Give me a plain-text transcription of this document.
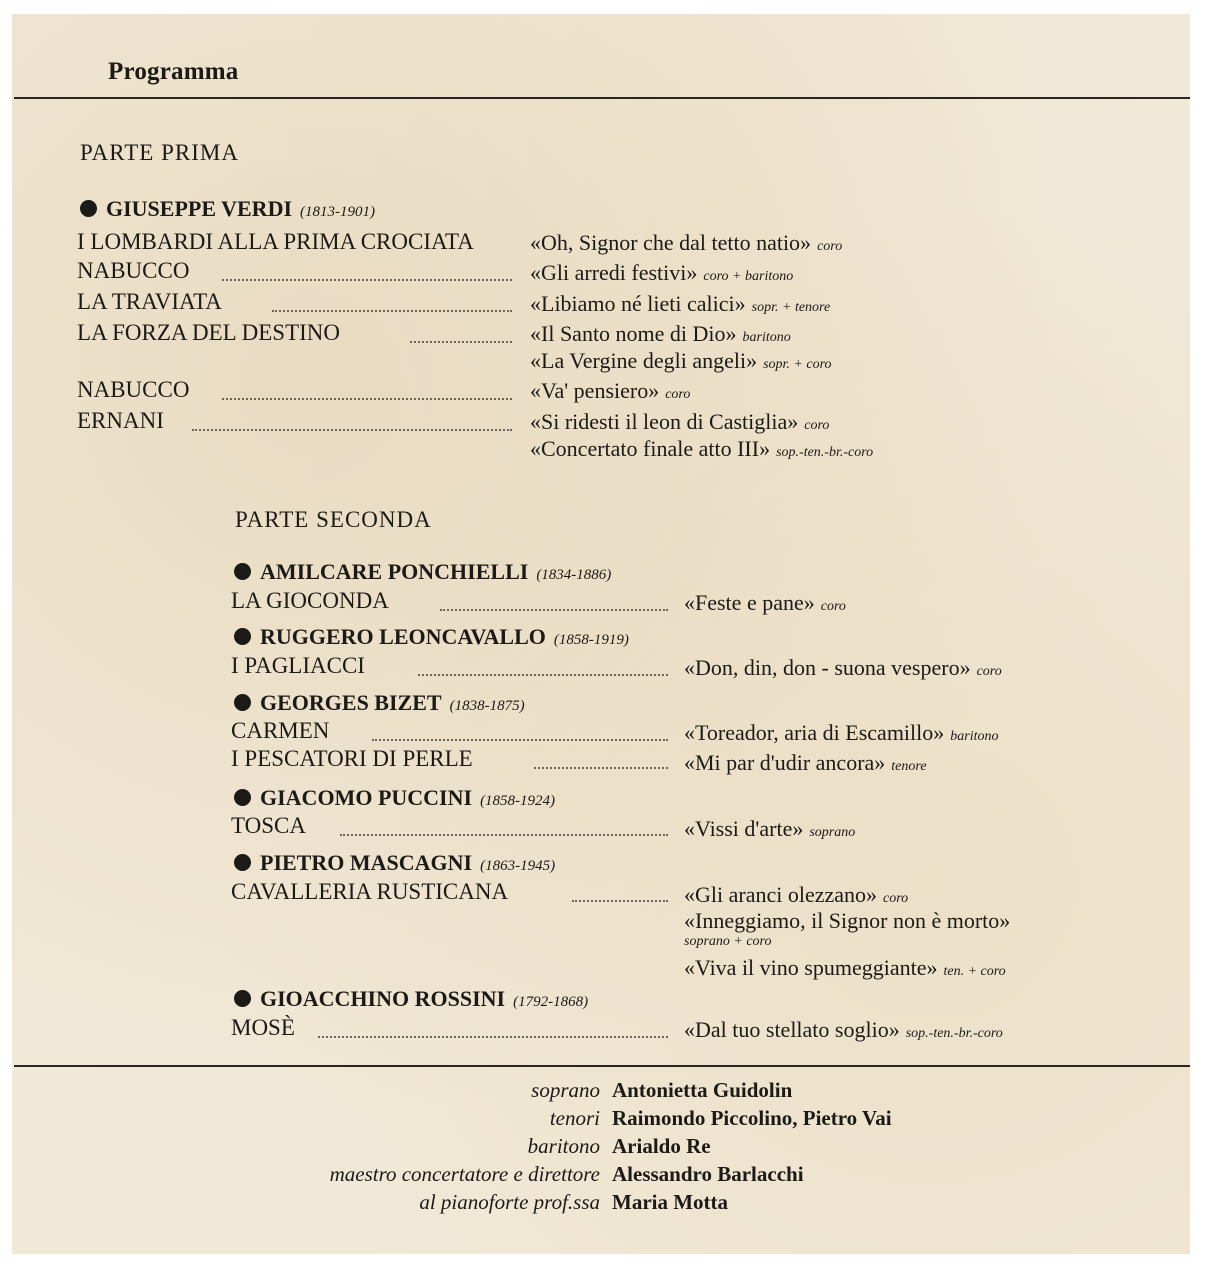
Programma
PARTE PRIMA
GIUSEPPE VERDI (1813-1901)
I LOMBARDI ALLA PRIMA CROCIATA	«Oh, Signor che dal tetto natio» coro
NABUCCO	«Gli arredi festivi» coro + baritono
LA TRAVIATA	«Libiamo né lieti calici» sopr. + tenore
LA FORZA DEL DESTINO	«Il Santo nome di Dio» baritono
«La Vergine degli angeli» sopr. + coro
NABUCCO	«Va' pensiero» coro
ERNANI	«Si ridesti il leon di Castiglia» coro
«Concertato finale atto III» sop.-ten.-br.-coro
PARTE SECONDA
AMILCARE PONCHIELLI (1834-1886)
LA GIOCONDA	«Feste e pane» coro
RUGGERO LEONCAVALLO (1858-1919)
I PAGLIACCI	«Don, din, don - suona vespero» coro
GEORGES BIZET (1838-1875)
CARMEN	«Toreador, aria di Escamillo» baritono
I PESCATORI DI PERLE	«Mi par d'udir ancora» tenore
GIACOMO PUCCINI (1858-1924)
TOSCA	«Vissi d'arte» soprano
PIETRO MASCAGNI (1863-1945)
CAVALLERIA RUSTICANA	«Gli aranci olezzano» coro
«Inneggiamo, il Signor non è morto»
soprano + coro
«Viva il vino spumeggiante» ten. + coro
GIOACCHINO ROSSINI (1792-1868)
MOSÈ	«Dal tuo stellato soglio» sop.-ten.-br.-coro
soprano Antonietta Guidolin
tenori Raimondo Piccolino, Pietro Vai
baritono Arialdo Re
maestro concertatore e direttore Alessandro Barlacchi
al pianoforte prof.ssa Maria Motta
